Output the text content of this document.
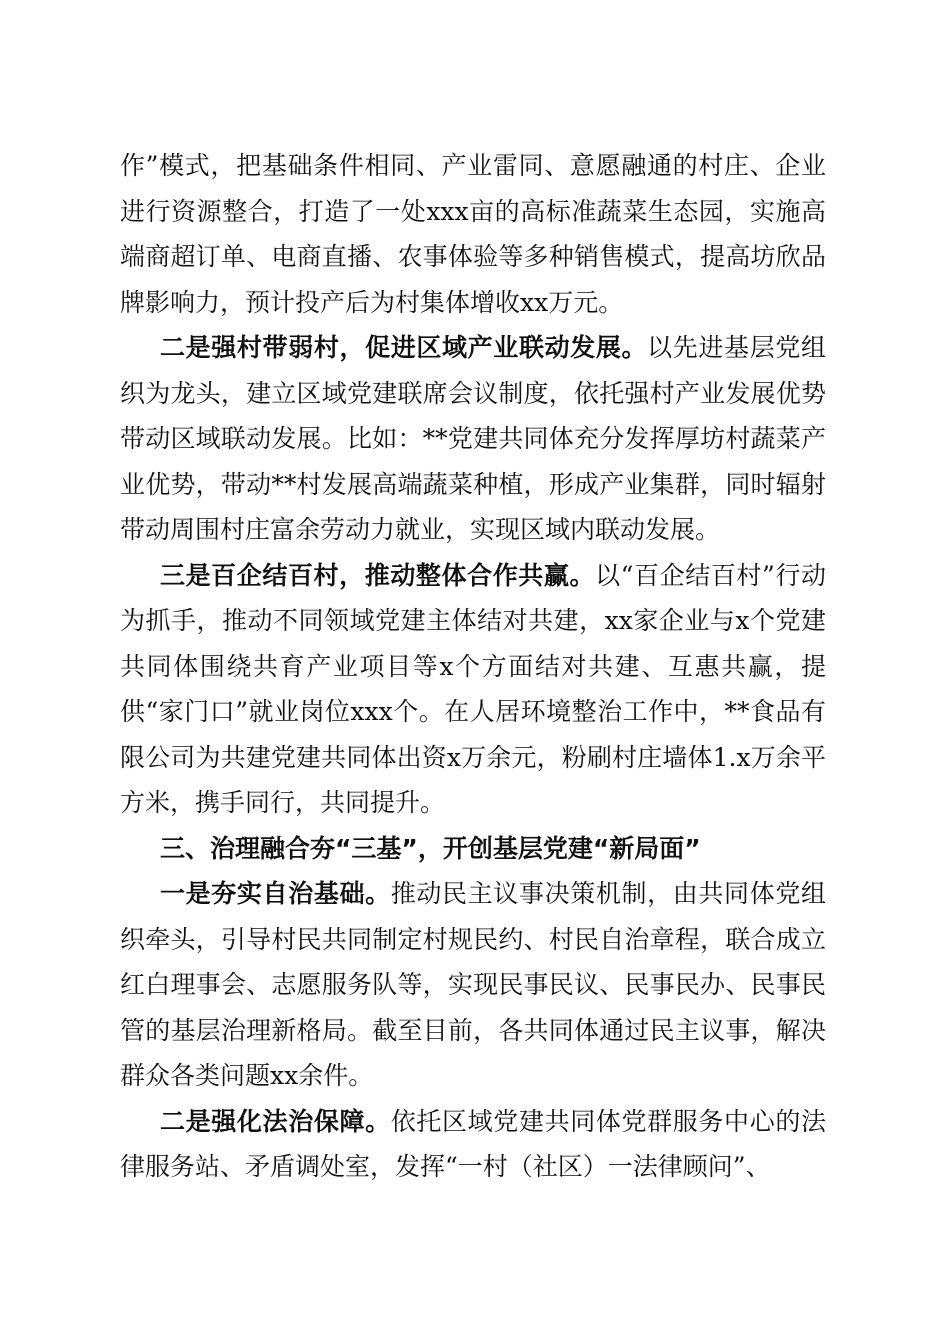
作”模式，把基础条件相同、产业雷同、意愿融通的村庄、企业进行资源整合，打造了一处xxx亩的高标准蔬菜生态园，实施高端商超订单、电商直播、农事体验等多种销售模式，提高坊欣品牌影响力，预计投产后为村集体增收xx万元。

二是强村带弱村，促进区域产业联动发展。以先进基层党组织为龙头，建立区域党建联席会议制度，依托强村产业发展优势带动区域联动发展。比如：**党建共同体充分发挥厚坊村蔬菜产业优势，带动**村发展高端蔬菜种植，形成产业集群，同时辐射带动周围村庄富余劳动力就业，实现区域内联动发展。

三是百企结百村，推动整体合作共赢。以“百企结百村”行动为抓手，推动不同领域党建主体结对共建，xx家企业与x个党建共同体围绕共育产业项目等x个方面结对共建、互惠共赢，提供“家门口”就业岗位xxx个。在人居环境整治工作中，**食品有限公司为共建党建共同体出资x万余元，粉刷村庄墙体1.x万余平方米，携手同行，共同提升。

三、治理融合夯“三基”，开创基层党建“新局面”

一是夯实自治基础。推动民主议事决策机制，由共同体党组织牵头，引导村民共同制定村规民约、村民自治章程，联合成立红白理事会、志愿服务队等，实现民事民议、民事民办、民事民管的基层治理新格局。截至目前，各共同体通过民主议事，解决群众各类问题xx余件。

二是强化法治保障。依托区域党建共同体党群服务中心的法律服务站、矛盾调处室，发挥“一村（社区）一法律顾问”、
